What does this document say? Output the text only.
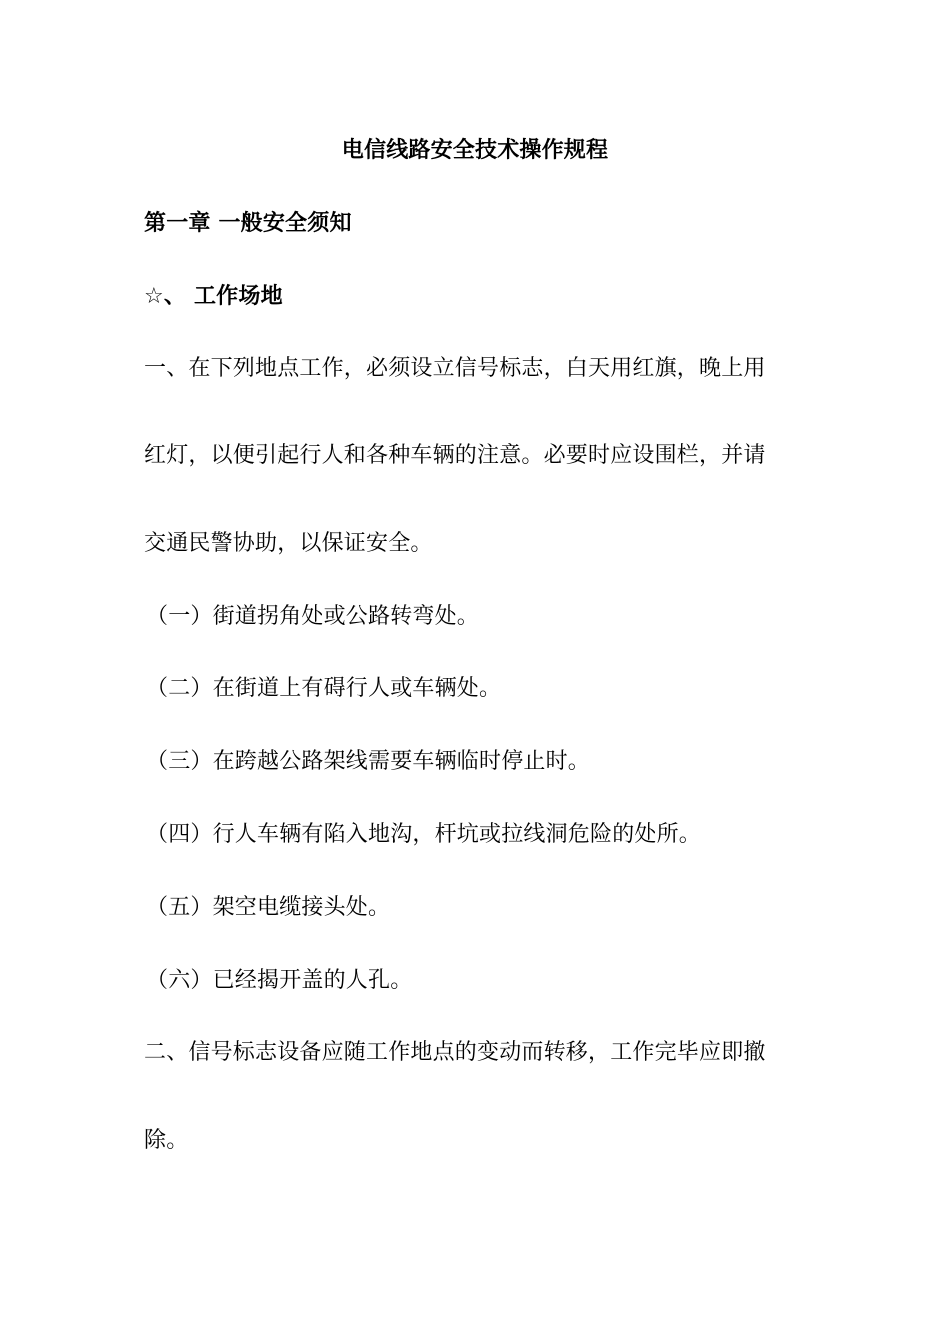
电信线路安全技术操作规程
第一章 一般安全须知
☆、 工作场地
一、在下列地点工作，必须设立信号标志，白天用红旗，晚上用
红灯，以便引起行人和各种车辆的注意。必要时应设围栏，并请
交通民警协助，以保证安全。
（一）街道拐角处或公路转弯处。
（二）在街道上有碍行人或车辆处。
（三）在跨越公路架线需要车辆临时停止时。
（四）行人车辆有陷入地沟，杆坑或拉线洞危险的处所。
（五）架空电缆接头处。
（六）已经揭开盖的人孔。
二、信号标志设备应随工作地点的变动而转移，工作完毕应即撤
除。
